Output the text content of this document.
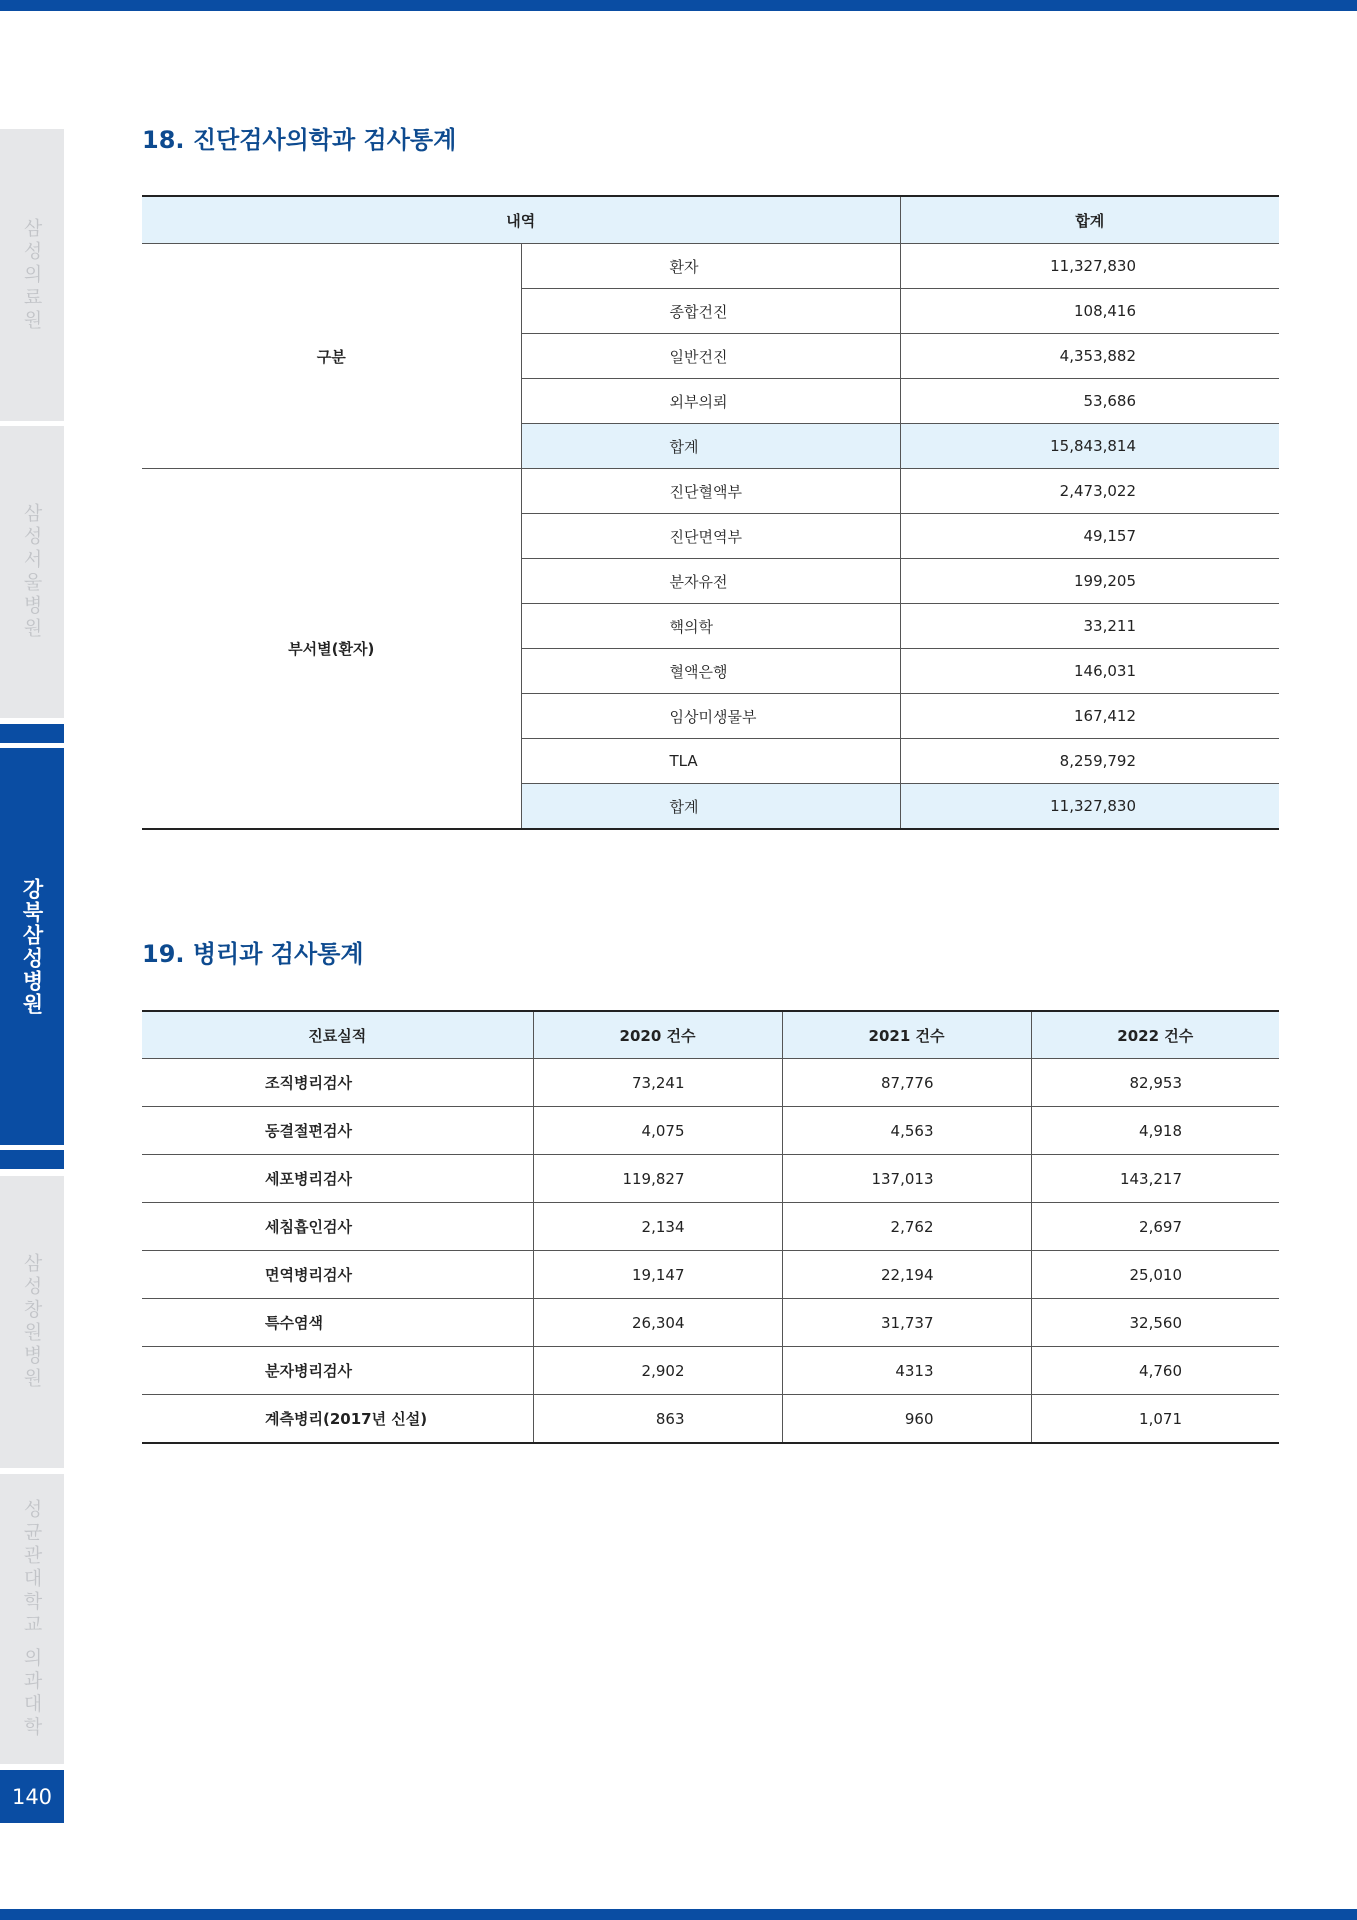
삼성의료원
삼성서울병원
강북삼성병원
삼성창원병원
성균관대학교 의과대학
140
18. 진단검사의학과 검사통계
내역		합계
구분	환자	11,327,830
	종합건진	108,416
	일반건진	4,353,882
	외부의뢰	53,686
	합계	15,843,814
부서별(환자)	진단혈액부	2,473,022
	진단면역부	49,157
	분자유전	199,205
	핵의학	33,211
	혈액은행	146,031
	임상미생물부	167,412
	TLA	8,259,792
	합계	11,327,830
19. 병리과 검사통계
진료실적	2020 건수	2021 건수	2022 건수
조직병리검사	73,241	87,776	82,953
동결절편검사	4,075	4,563	4,918
세포병리검사	119,827	137,013	143,217
세침흡인검사	2,134	2,762	2,697
면역병리검사	19,147	22,194	25,010
특수염색	26,304	31,737	32,560
분자병리검사	2,902	4313	4,760
계측병리(2017년 신설)	863	960	1,071
